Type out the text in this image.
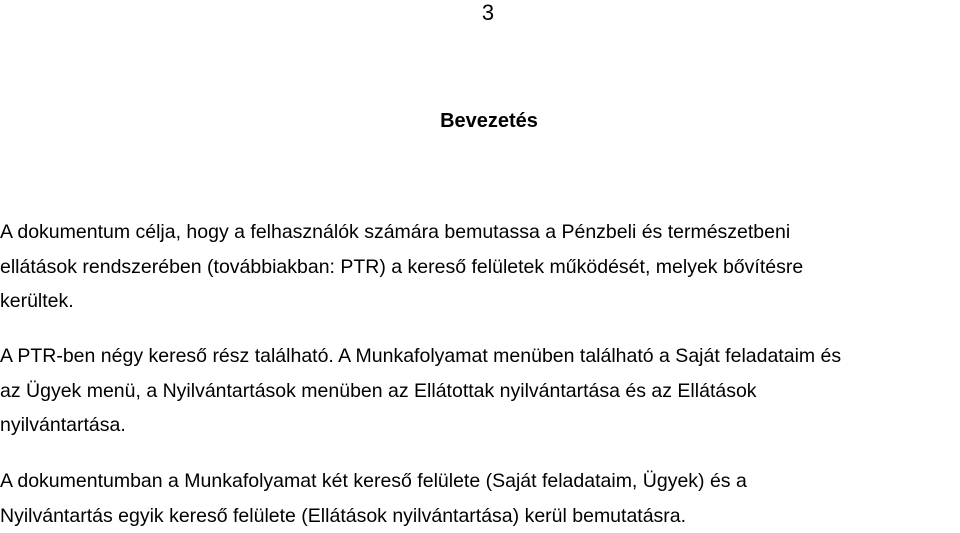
3
Bevezetés

A dokumentum célja, hogy a felhasználók számára bemutassa a Pénzbeli és természetbeni
ellátások rendszerében (továbbiakban: PTR) a kereső felületek működését, melyek bővítésre
kerültek.

A PTR-ben négy kereső rész található. A Munkafolyamat menüben található a Saját feladataim és
az Ügyek menü, a Nyilvántartások menüben az Ellátottak nyilvántartása és az Ellátások
nyilvántartása.

A dokumentumban a Munkafolyamat két kereső felülete (Saját feladataim, Ügyek) és a
Nyilvántartás egyik kereső felülete (Ellátások nyilvántartása) kerül bemutatásra.
